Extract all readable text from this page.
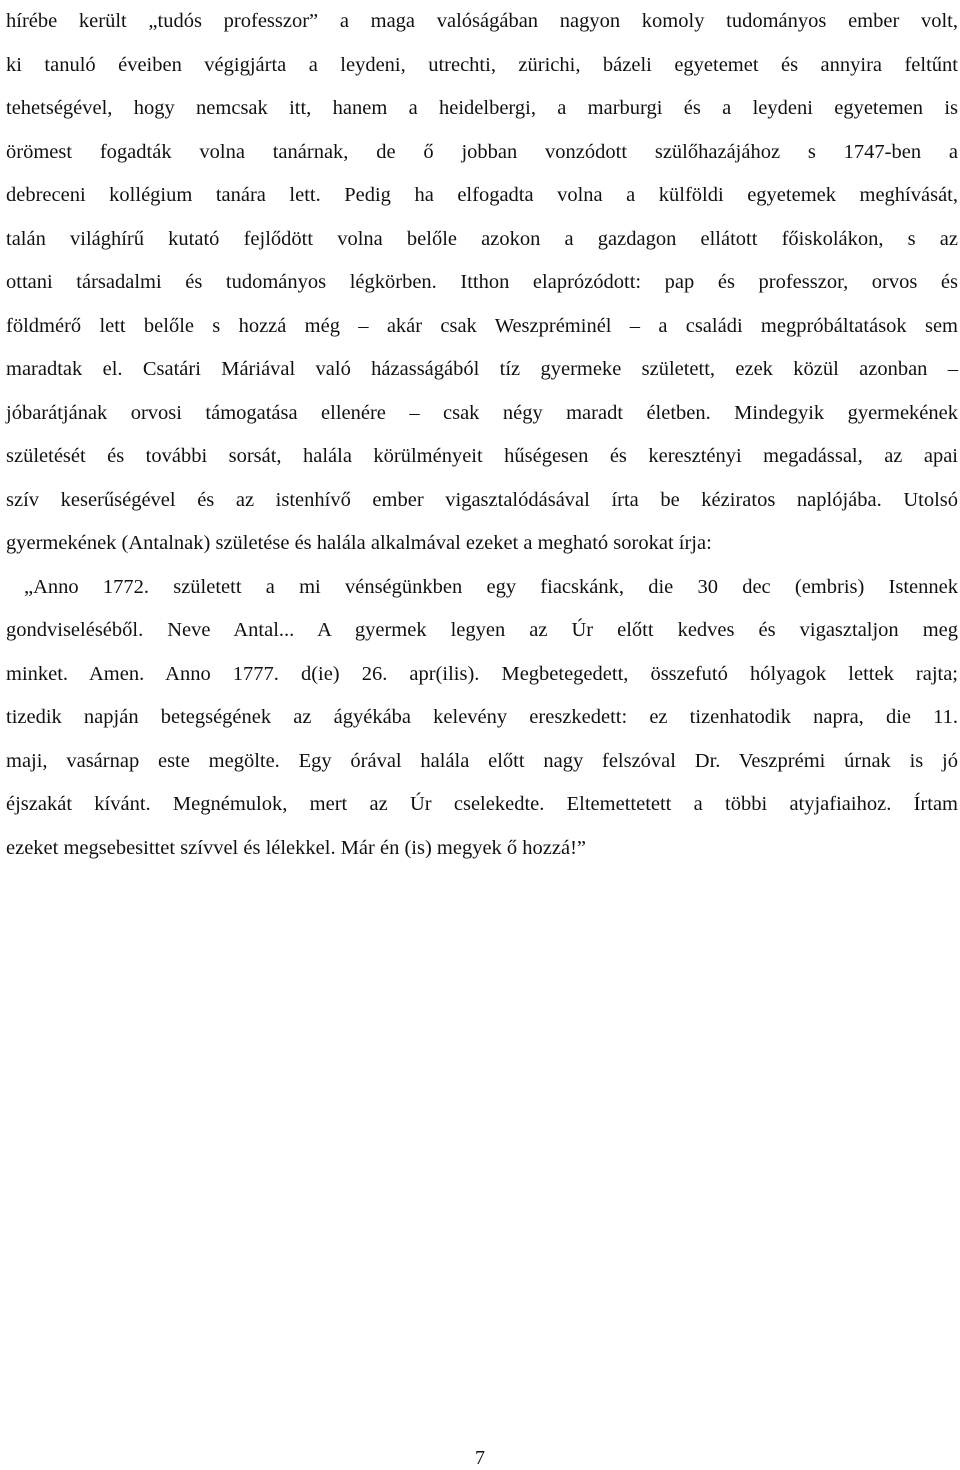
hírébe került „tudós professzor” a maga valóságában nagyon komoly tudományos ember volt,
ki tanuló éveiben végigjárta a leydeni, utrechti, zürichi, bázeli egyetemet és annyira feltűnt
tehetségével, hogy nemcsak itt, hanem a heidelbergi, a marburgi és a leydeni egyetemen is
örömest fogadták volna tanárnak, de ő jobban vonzódott szülőhazájához s 1747-ben a
debreceni kollégium tanára lett. Pedig ha elfogadta volna a külföldi egyetemek meghívását,
talán világhírű kutató fejlődött volna belőle azokon a gazdagon ellátott főiskolákon, s az
ottani társadalmi és tudományos légkörben. Itthon elaprózódott: pap és professzor, orvos és
földmérő lett belőle s hozzá még – akár csak Weszpréminél – a családi megpróbáltatások sem
maradtak el. Csatári Máriával való házasságából tíz gyermeke született, ezek közül azonban –
jóbarátjának orvosi támogatása ellenére – csak négy maradt életben. Mindegyik gyermekének
születését és további sorsát, halála körülményeit hűségesen és keresztényi megadással, az apai
szív keserűségével és az istenhívő ember vigasztalódásával írta be kéziratos naplójába. Utolsó
gyermekének (Antalnak) születése és halála alkalmával ezeket a megható sorokat írja:
„Anno 1772. született a mi vénségünkben egy fiacskánk, die 30 dec (embris) Istennek
gondviseléséből. Neve Antal... A gyermek legyen az Úr előtt kedves és vigasztaljon meg
minket. Amen. Anno 1777. d(ie) 26. apr(ilis). Megbetegedett, összefutó hólyagok lettek rajta;
tizedik napján betegségének az ágyékába kelevény ereszkedett: ez tizenhatodik napra, die 11.
maji, vasárnap este megölte. Egy órával halála előtt nagy felszóval Dr. Veszprémi úrnak is jó
éjszakát kívánt. Megnémulok, mert az Úr cselekedte. Eltemettetett a többi atyjafiaihoz. Írtam
ezeket megsebesittet szívvel és lélekkel. Már én (is) megyek ő hozzá!”
7
